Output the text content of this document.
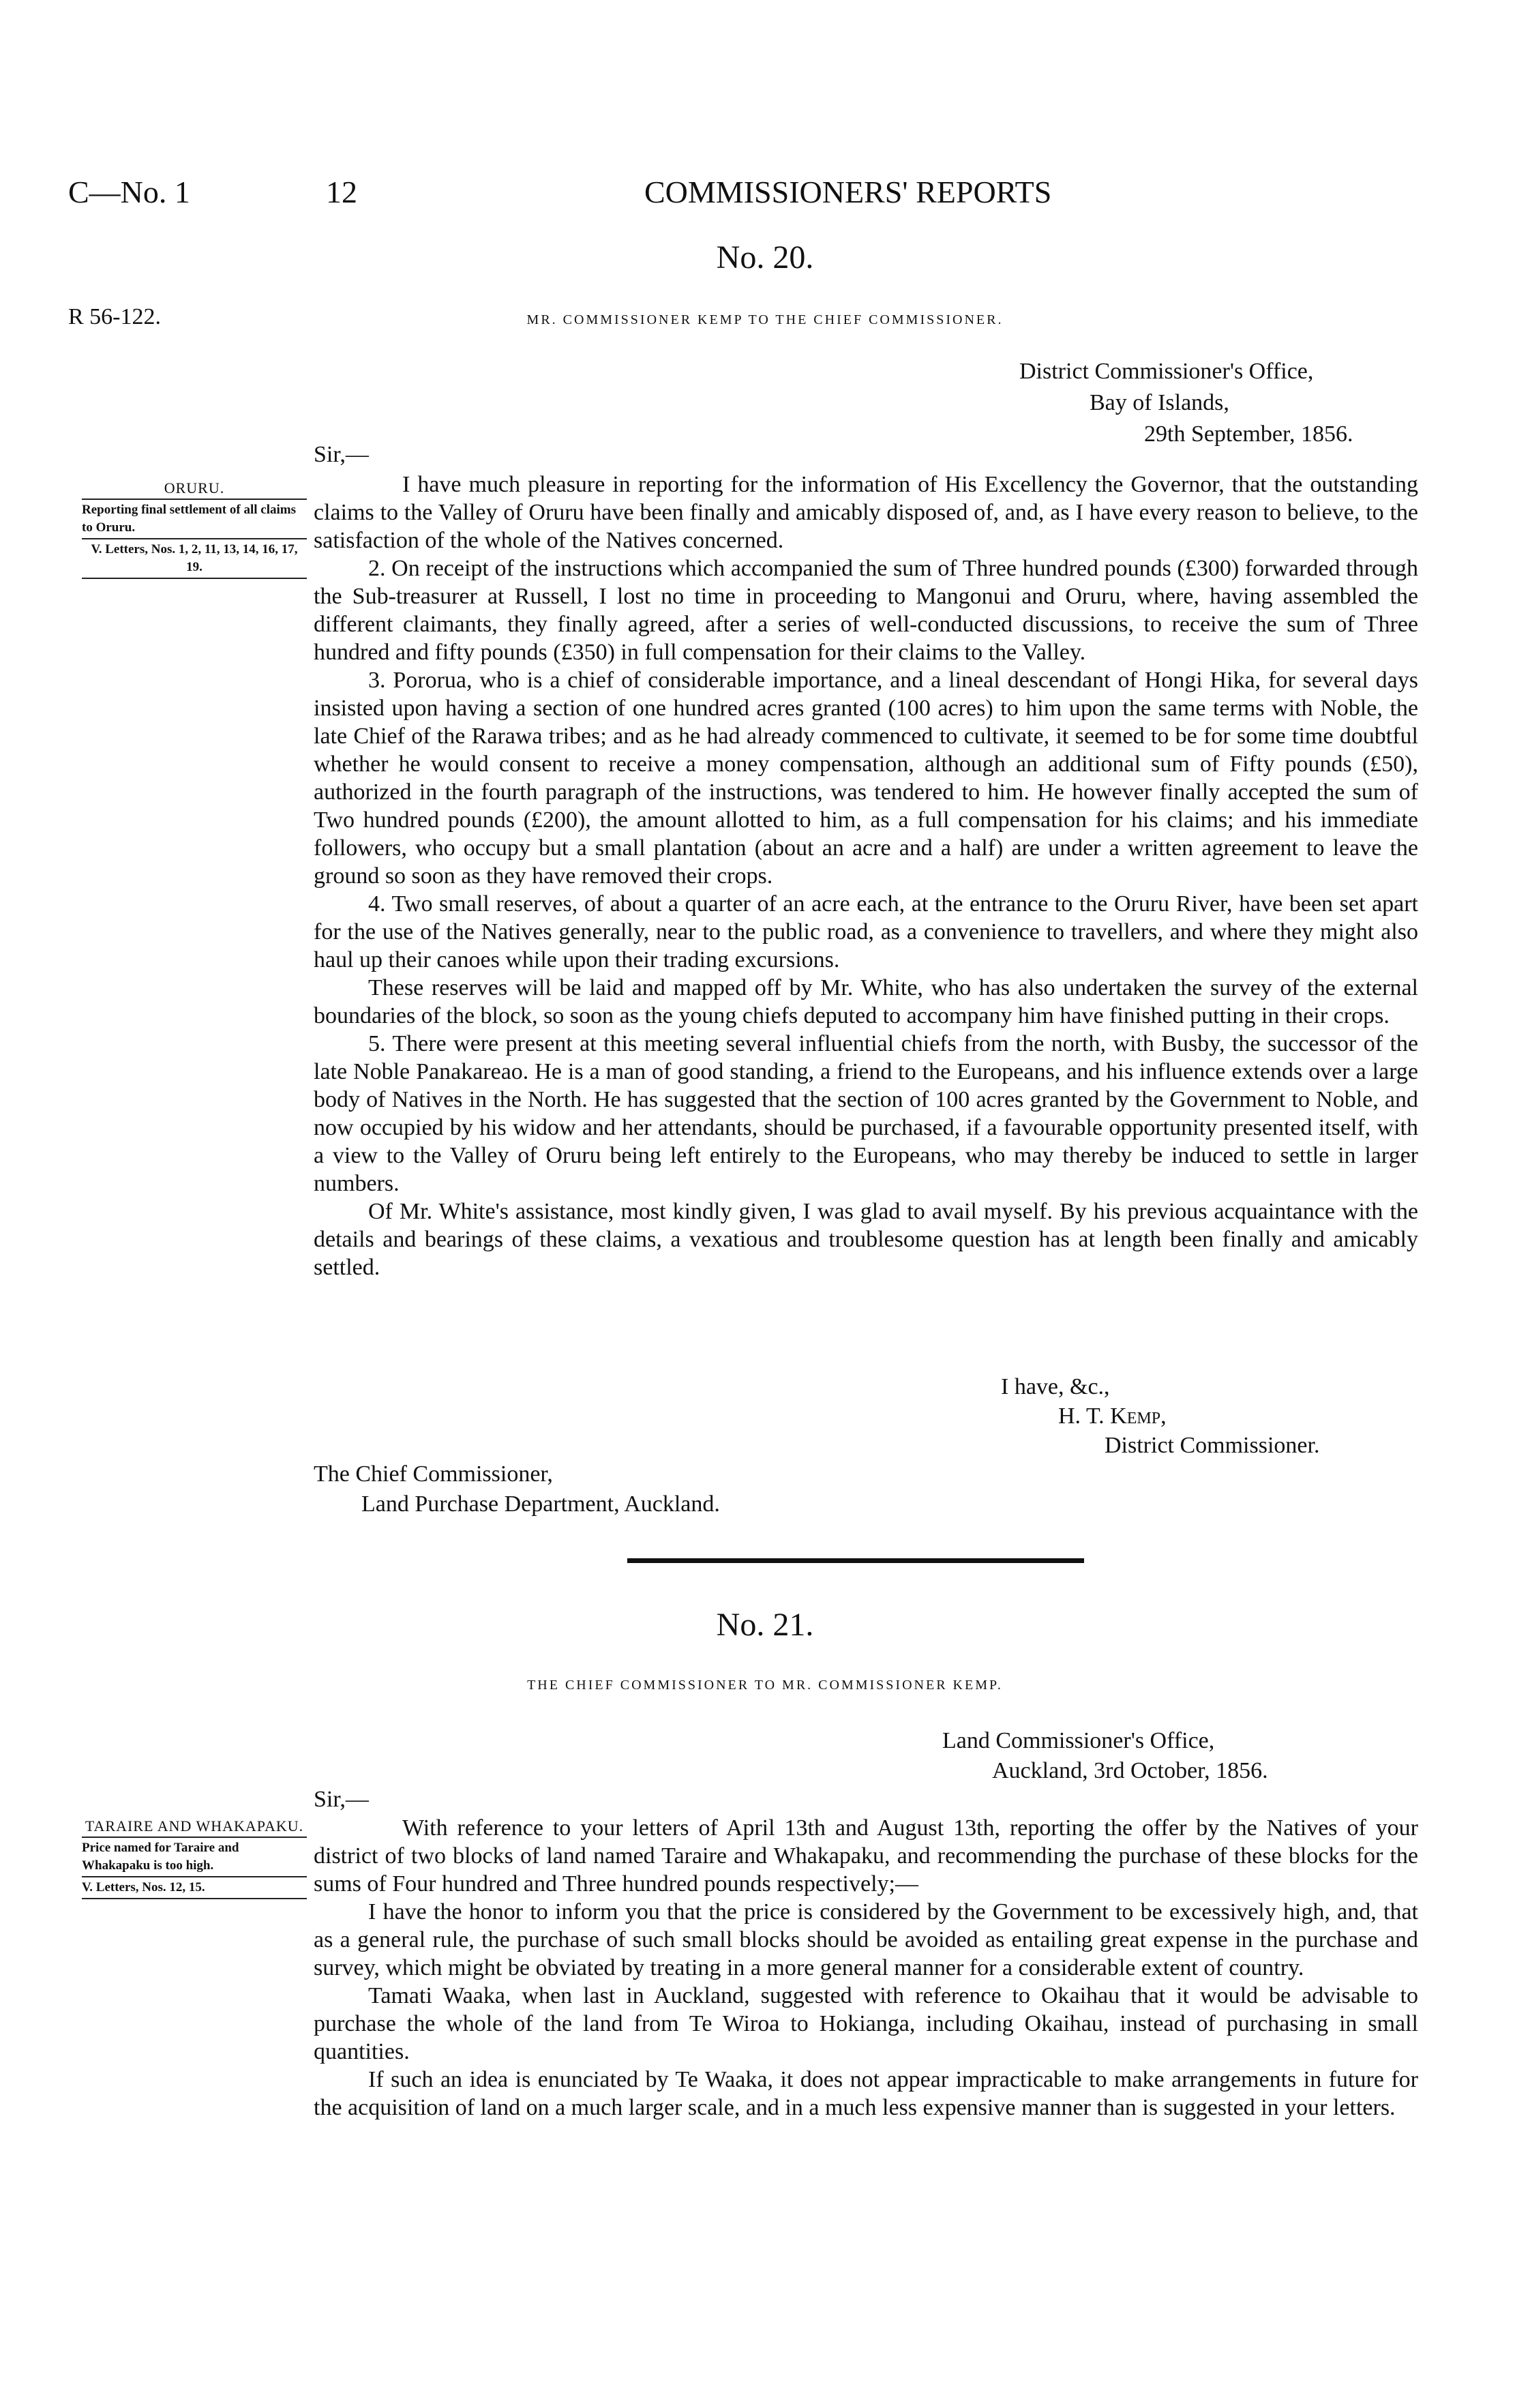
C—No. 1	12	COMMISSIONERS' REPORTS
No. 20.
R 56-122.	MR. COMMISSIONER KEMP TO THE CHIEF COMMISSIONER.
District Commissioner's Office,
Bay of Islands,
29th September, 1856.
Sir,—
ORURU.
Reporting final settlement of all claims to Oruru.
V. Letters, Nos. 1, 2, 11, 13, 14, 16, 17, 19.

I have much pleasure in reporting for the information of His Excellency the Governor, that the outstanding claims to the Valley of Oruru have been finally and amicably disposed of, and, as I have every reason to believe, to the satisfaction of the whole of the Natives concerned.

2. On receipt of the instructions which accompanied the sum of Three hundred pounds (£300) forwarded through the Sub-treasurer at Russell, I lost no time in proceeding to Mangonui and Oruru, where, having assembled the different claimants, they finally agreed, after a series of well-conducted discussions, to receive the sum of Three hundred and fifty pounds (£350) in full compensation for their claims to the Valley.

3. Pororua, who is a chief of considerable importance, and a lineal descendant of Hongi Hika, for several days insisted upon having a section of one hundred acres granted (100 acres) to him upon the same terms with Noble, the late Chief of the Rarawa tribes; and as he had already commenced to cultivate, it seemed to be for some time doubtful whether he would consent to receive a money compensation, although an additional sum of Fifty pounds (£50), authorized in the fourth paragraph of the instructions, was tendered to him. He however finally accepted the sum of Two hundred pounds (£200), the amount allotted to him, as a full compensation for his claims; and his immediate followers, who occupy but a small plantation (about an acre and a half) are under a written agreement to leave the ground so soon as they have removed their crops.

4. Two small reserves, of about a quarter of an acre each, at the entrance to the Oruru River, have been set apart for the use of the Natives generally, near to the public road, as a convenience to travellers, and where they might also haul up their canoes while upon their trading excursions.

These reserves will be laid and mapped off by Mr. White, who has also undertaken the survey of the external boundaries of the block, so soon as the young chiefs deputed to accompany him have finished putting in their crops.

5. There were present at this meeting several influential chiefs from the north, with Busby, the successor of the late Noble Panakareao. He is a man of good standing, a friend to the Europeans, and his influence extends over a large body of Natives in the North. He has suggested that the section of 100 acres granted by the Government to Noble, and now occupied by his widow and her attendants, should be purchased, if a favourable opportunity presented itself, with a view to the Valley of Oruru being left entirely to the Europeans, who may thereby be induced to settle in larger numbers.

Of Mr. White's assistance, most kindly given, I was glad to avail myself. By his previous acquaintance with the details and bearings of these claims, a vexatious and troublesome question has at length been finally and amicably settled.

I have, &c.,
H. T. Kemp,
District Commissioner.
The Chief Commissioner,
Land Purchase Department, Auckland.
No. 21.
THE CHIEF COMMISSIONER TO MR. COMMISSIONER KEMP.
Land Commissioner's Office,
Auckland, 3rd October, 1856.
Sir,—
TARAIRE AND WHAKAPAKU.
Price named for Taraire and Whakapaku is too high.
V. Letters, Nos. 12, 15.

With reference to your letters of April 13th and August 13th, reporting the offer by the Natives of your district of two blocks of land named Taraire and Whakapaku, and recommending the purchase of these blocks for the sums of Four hundred and Three hundred pounds respectively;—

I have the honor to inform you that the price is considered by the Government to be excessively high, and, that as a general rule, the purchase of such small blocks should be avoided as entailing great expense in the purchase and survey, which might be obviated by treating in a more general manner for a considerable extent of country.

Tamati Waaka, when last in Auckland, suggested with reference to Okaihau that it would be advisable to purchase the whole of the land from Te Wiroa to Hokianga, including Okaihau, instead of purchasing in small quantities.

If such an idea is enunciated by Te Waaka, it does not appear impracticable to make arrangements in future for the acquisition of land on a much larger scale, and in a much less expensive manner than is suggested in your letters.
